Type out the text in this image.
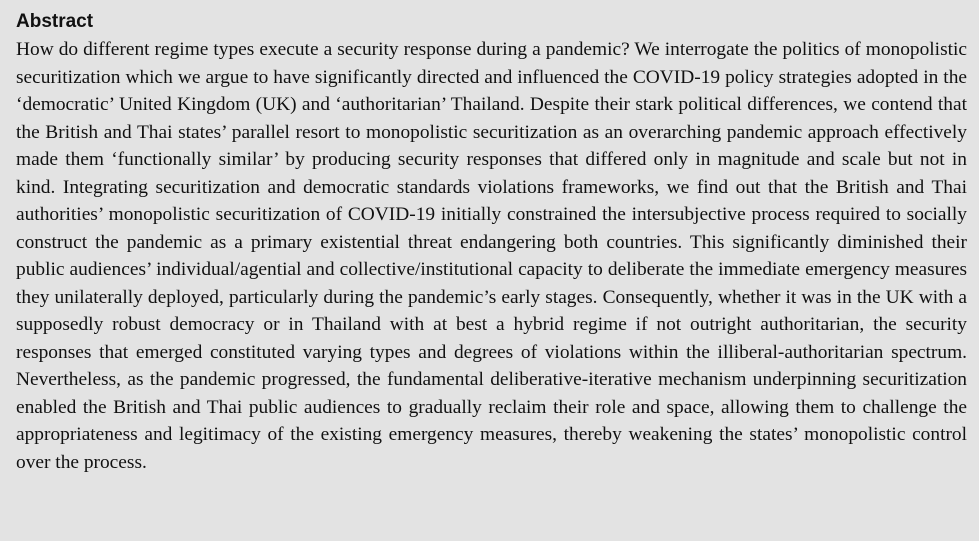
Abstract

How do different regime types execute a security response during a pandemic? We interrogate the politics of monopolistic securitization which we argue to have significantly directed and influenced the COVID-19 policy strategies adopted in the ‘democratic’ United Kingdom (UK) and ‘authoritarian’ Thailand. Despite their stark political differences, we contend that the British and Thai states’ parallel resort to monopolistic securitization as an overarching pandemic approach effectively made them ‘functionally similar’ by producing security responses that differed only in magnitude and scale but not in kind. Integrating securitization and democratic standards violations frameworks, we find out that the British and Thai authorities’ monopolistic securitization of COVID-19 initially constrained the intersubjective process required to socially construct the pandemic as a primary existential threat endangering both countries. This significantly diminished their public audiences’ individual/agential and collective/institutional capacity to deliberate the immediate emergency measures they unilaterally deployed, particularly during the pandemic’s early stages. Consequently, whether it was in the UK with a supposedly robust democracy or in Thailand with at best a hybrid regime if not outright authoritarian, the security responses that emerged constituted varying types and degrees of violations within the illiberal-authoritarian spectrum. Nevertheless, as the pandemic progressed, the fundamental deliberative-iterative mechanism underpinning securitization enabled the British and Thai public audiences to gradually reclaim their role and space, allowing them to challenge the appropriateness and legitimacy of the existing emergency measures, thereby weakening the states’ monopolistic control over the process.
